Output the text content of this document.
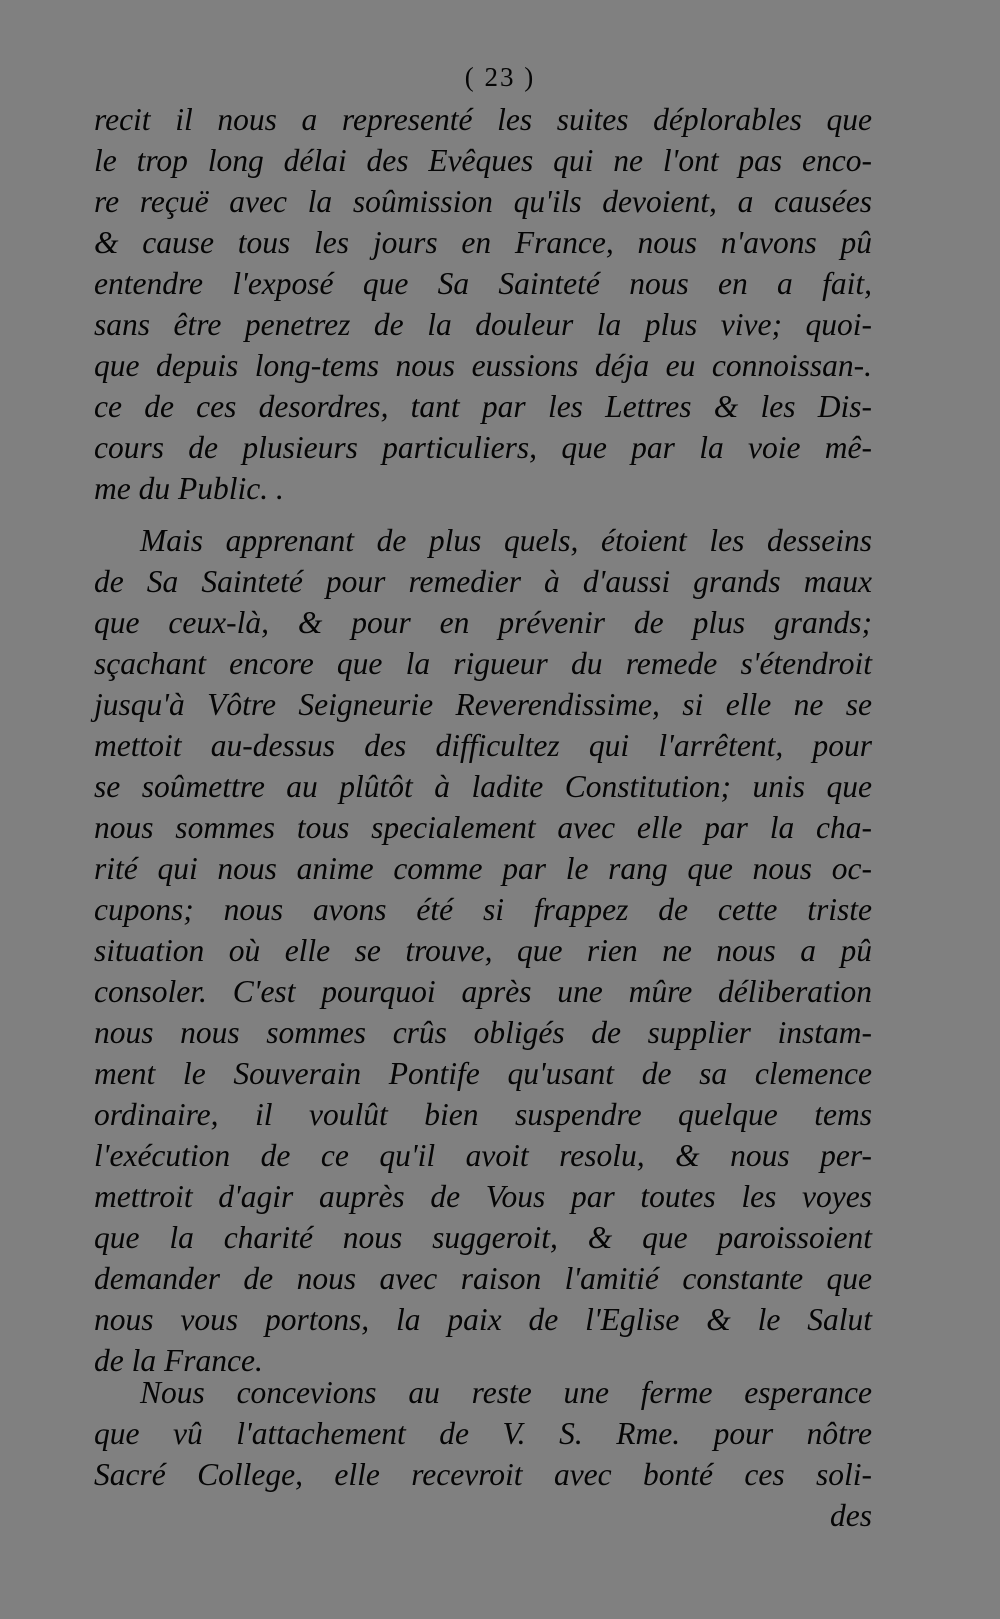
( 23 )
recit il nous a representé les suites déplorables que
le trop long délai des Evêques qui ne l'ont pas enco-
re reçuë avec la soûmission qu'ils devoient, a causées
& cause tous les jours en France, nous n'avons pû
entendre l'exposé que Sa Sainteté nous en a fait,
sans être penetrez de la douleur la plus vive; quoi-
que depuis long-tems nous eussions déja eu connoissan-.
ce de ces desordres, tant par les Lettres & les Dis-
cours de plusieurs particuliers, que par la voie mê-
me du Public. .
Mais apprenant de plus quels, étoient les desseins
de Sa Sainteté pour remedier à d'aussi grands maux
que ceux-là, & pour en prévenir de plus grands;
sçachant encore que la rigueur du remede s'étendroit
jusqu'à Vôtre Seigneurie Reverendissime, si elle ne se
mettoit au-dessus des difficultez qui l'arrêtent, pour
se soûmettre au plûtôt à ladite Constitution; unis que
nous sommes tous specialement avec elle par la cha-
rité qui nous anime comme par le rang que nous oc-
cupons; nous avons été si frappez de cette triste
situation où elle se trouve, que rien ne nous a pû
consoler. C'est pourquoi après une mûre déliberation
nous nous sommes crûs obligés de supplier instam-
ment le Souverain Pontife qu'usant de sa clemence
ordinaire, il voulût bien suspendre quelque tems
l'exécution de ce qu'il avoit resolu, & nous per-
mettroit d'agir auprès de Vous par toutes les voyes
que la charité nous suggeroit, & que paroissoient
demander de nous avec raison l'amitié constante que
nous vous portons, la paix de l'Eglise & le Salut
de la France.
Nous concevions au reste une ferme esperance
que vû l'attachement de V. S. Rme. pour nôtre
Sacré College, elle recevroit avec bonté ces soli-
des
